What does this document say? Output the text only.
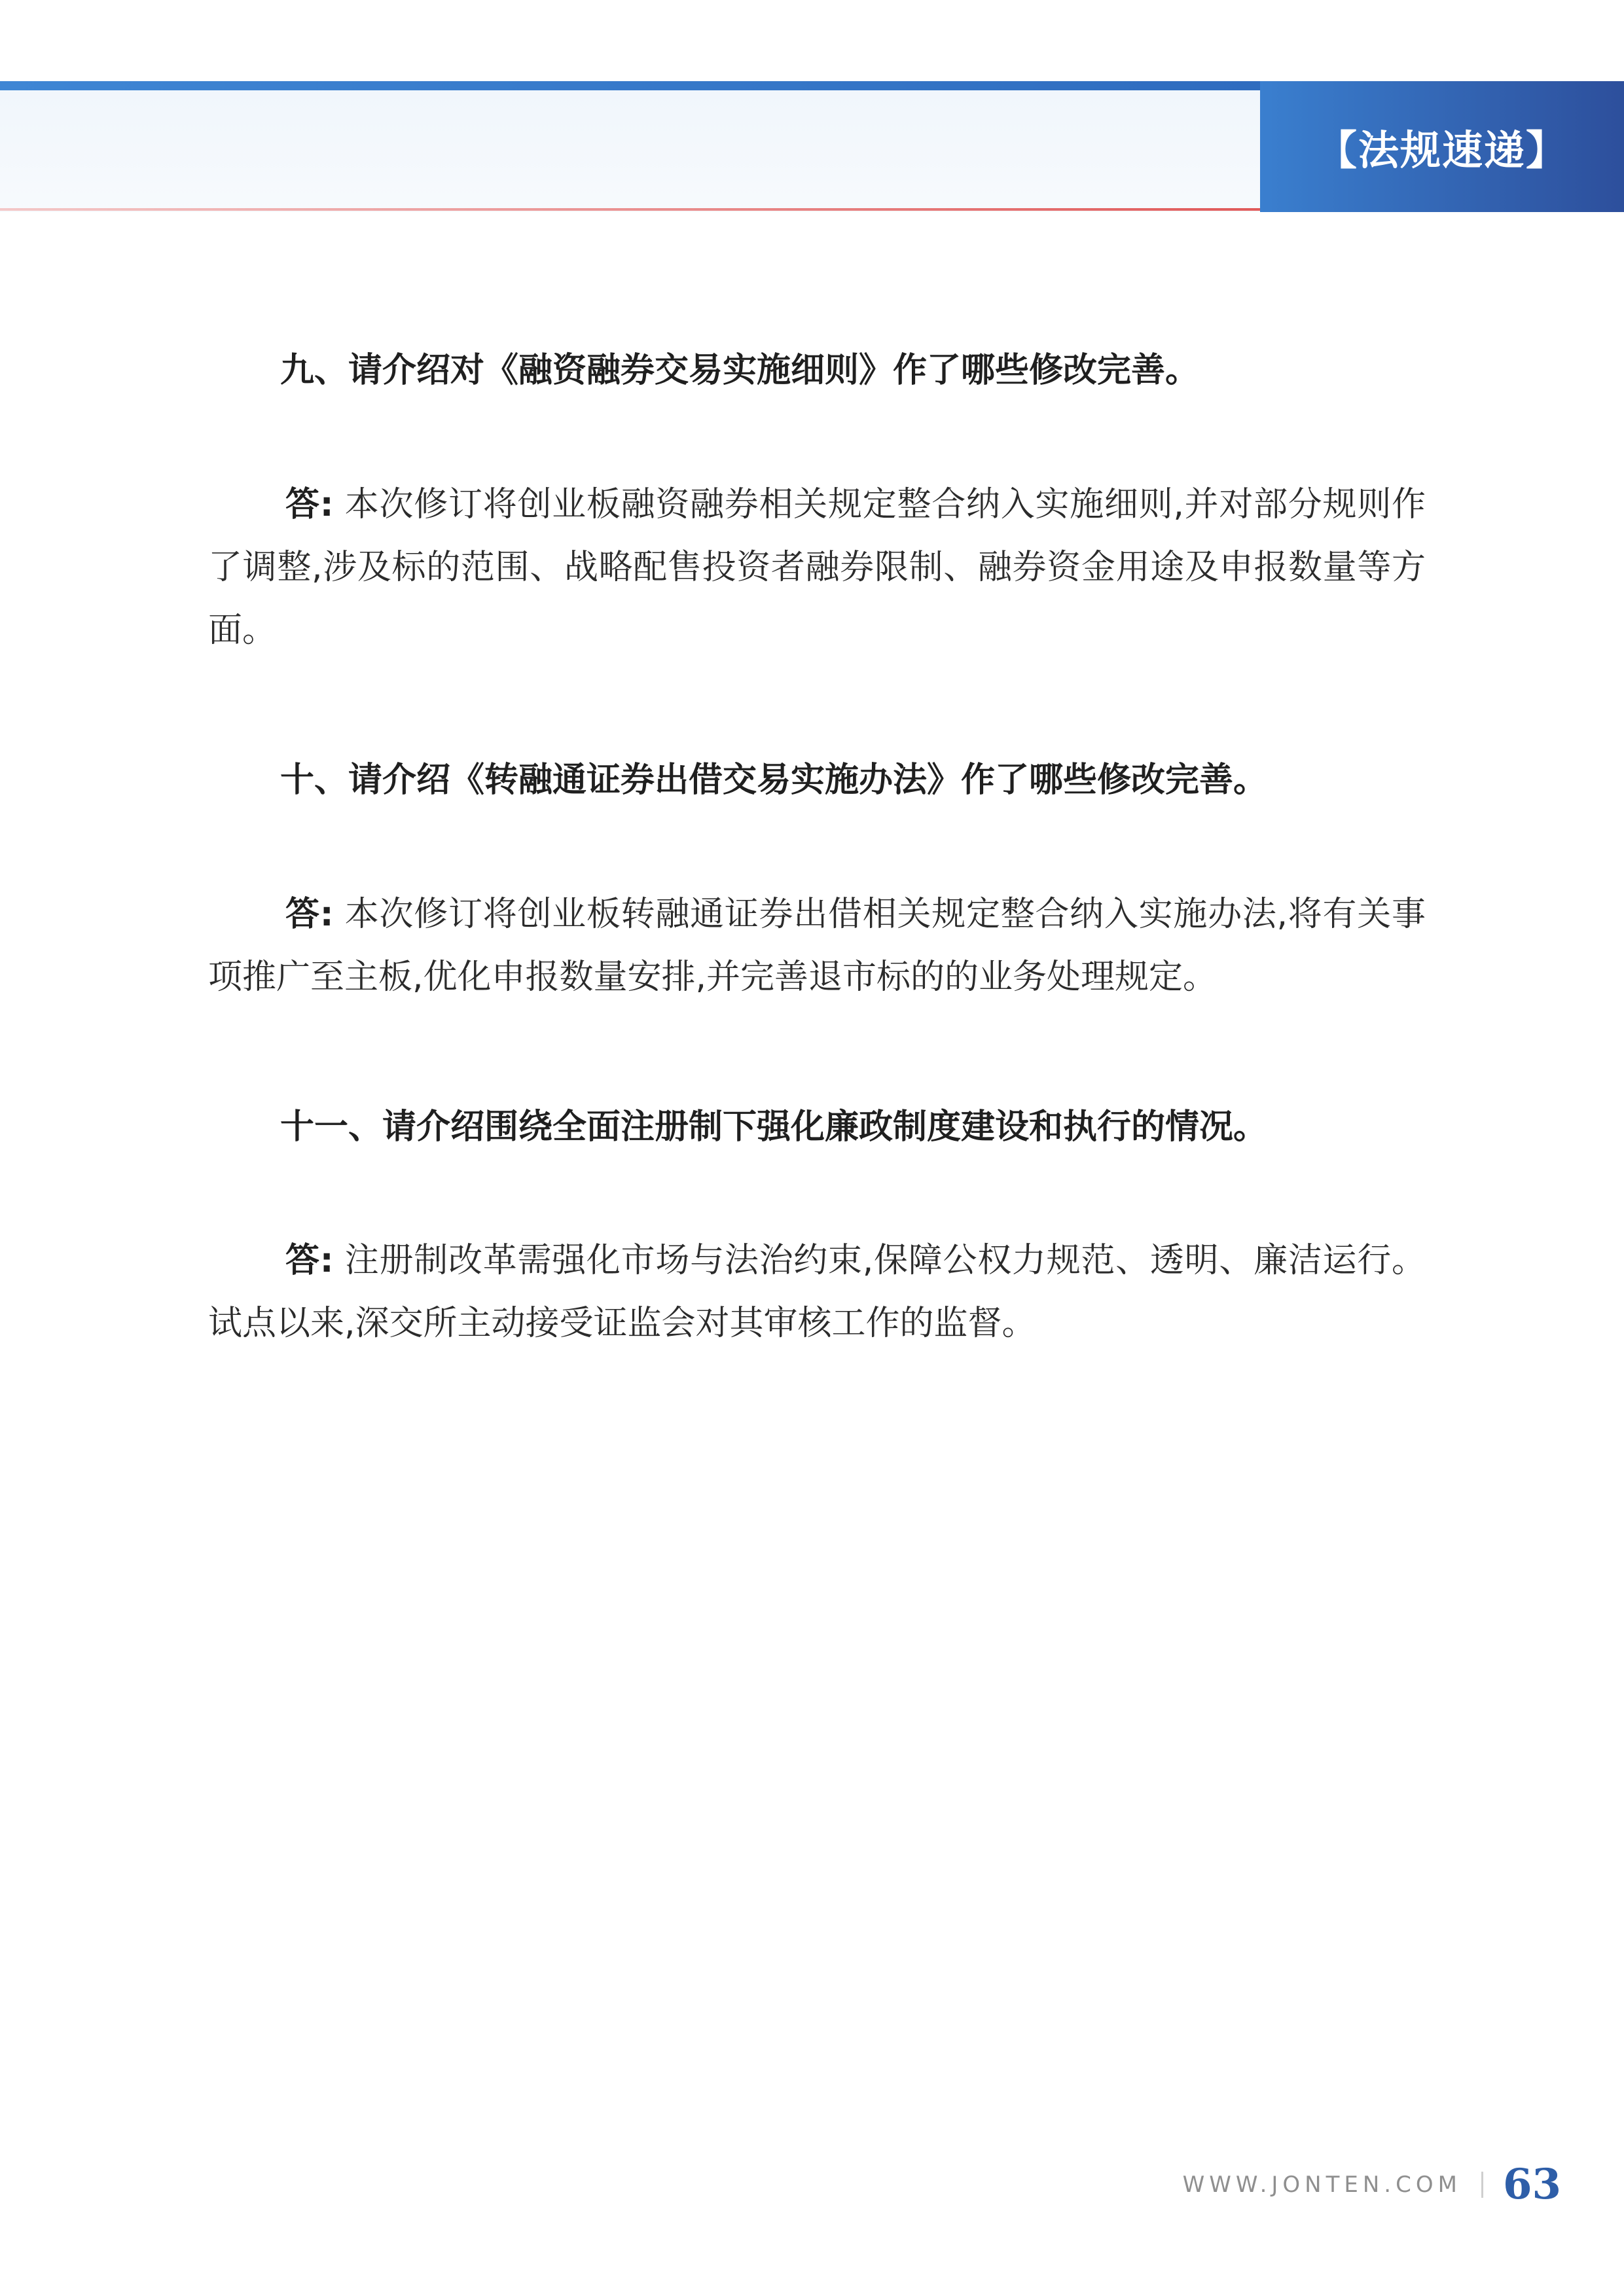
【法规速递】
九、请介绍对《融资融券交易实施细则》作了哪些修改完善。

答: 本次修订将创业板融资融券相关规定整合纳入实施细则,并对部分规则作了调整,涉及标的范围、战略配售投资者融券限制、融券资金用途及申报数量等方面。

十、请介绍《转融通证券出借交易实施办法》作了哪些修改完善。

答: 本次修订将创业板转融通证券出借相关规定整合纳入实施办法,将有关事项推广至主板,优化申报数量安排,并完善退市标的的业务处理规定。

十一、请介绍围绕全面注册制下强化廉政制度建设和执行的情况。

答: 注册制改革需强化市场与法治约束,保障公权力规范、透明、廉洁运行。试点以来,深交所主动接受证监会对其审核工作的监督。

WWW.JONTEN.COM 63
